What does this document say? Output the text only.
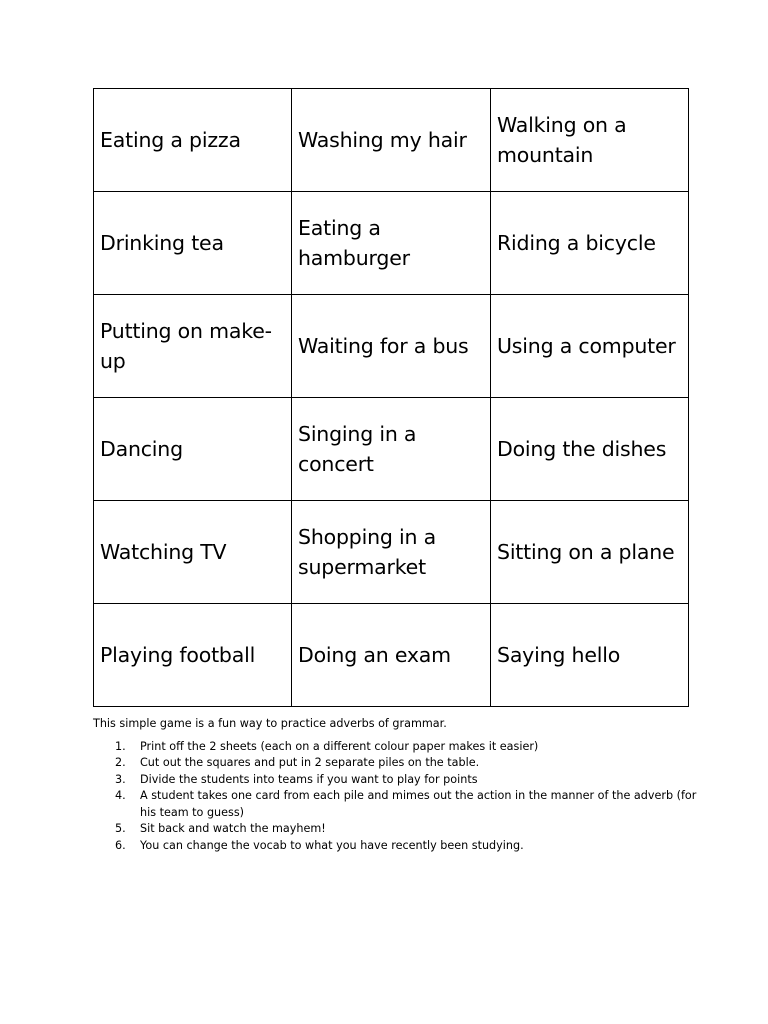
Eating a pizza	Washing my hair	Walking on a mountain
Drinking tea	Eating a hamburger	Riding a bicycle
Putting on make-up	Waiting for a bus	Using a computer
Dancing	Singing in a concert	Doing the dishes
Watching TV	Shopping in a supermarket	Sitting on a plane
Playing football	Doing an exam	Saying hello

This simple game is a fun way to practice adverbs of grammar.

1. Print off the 2 sheets (each on a different colour paper makes it easier)
2. Cut out the squares and put in 2 separate piles on the table.
3. Divide the students into teams if you want to play for points
4. A student takes one card from each pile and mimes out the action in the manner of the adverb (for his team to guess)
5. Sit back and watch the mayhem!
6. You can change the vocab to what you have recently been studying.
